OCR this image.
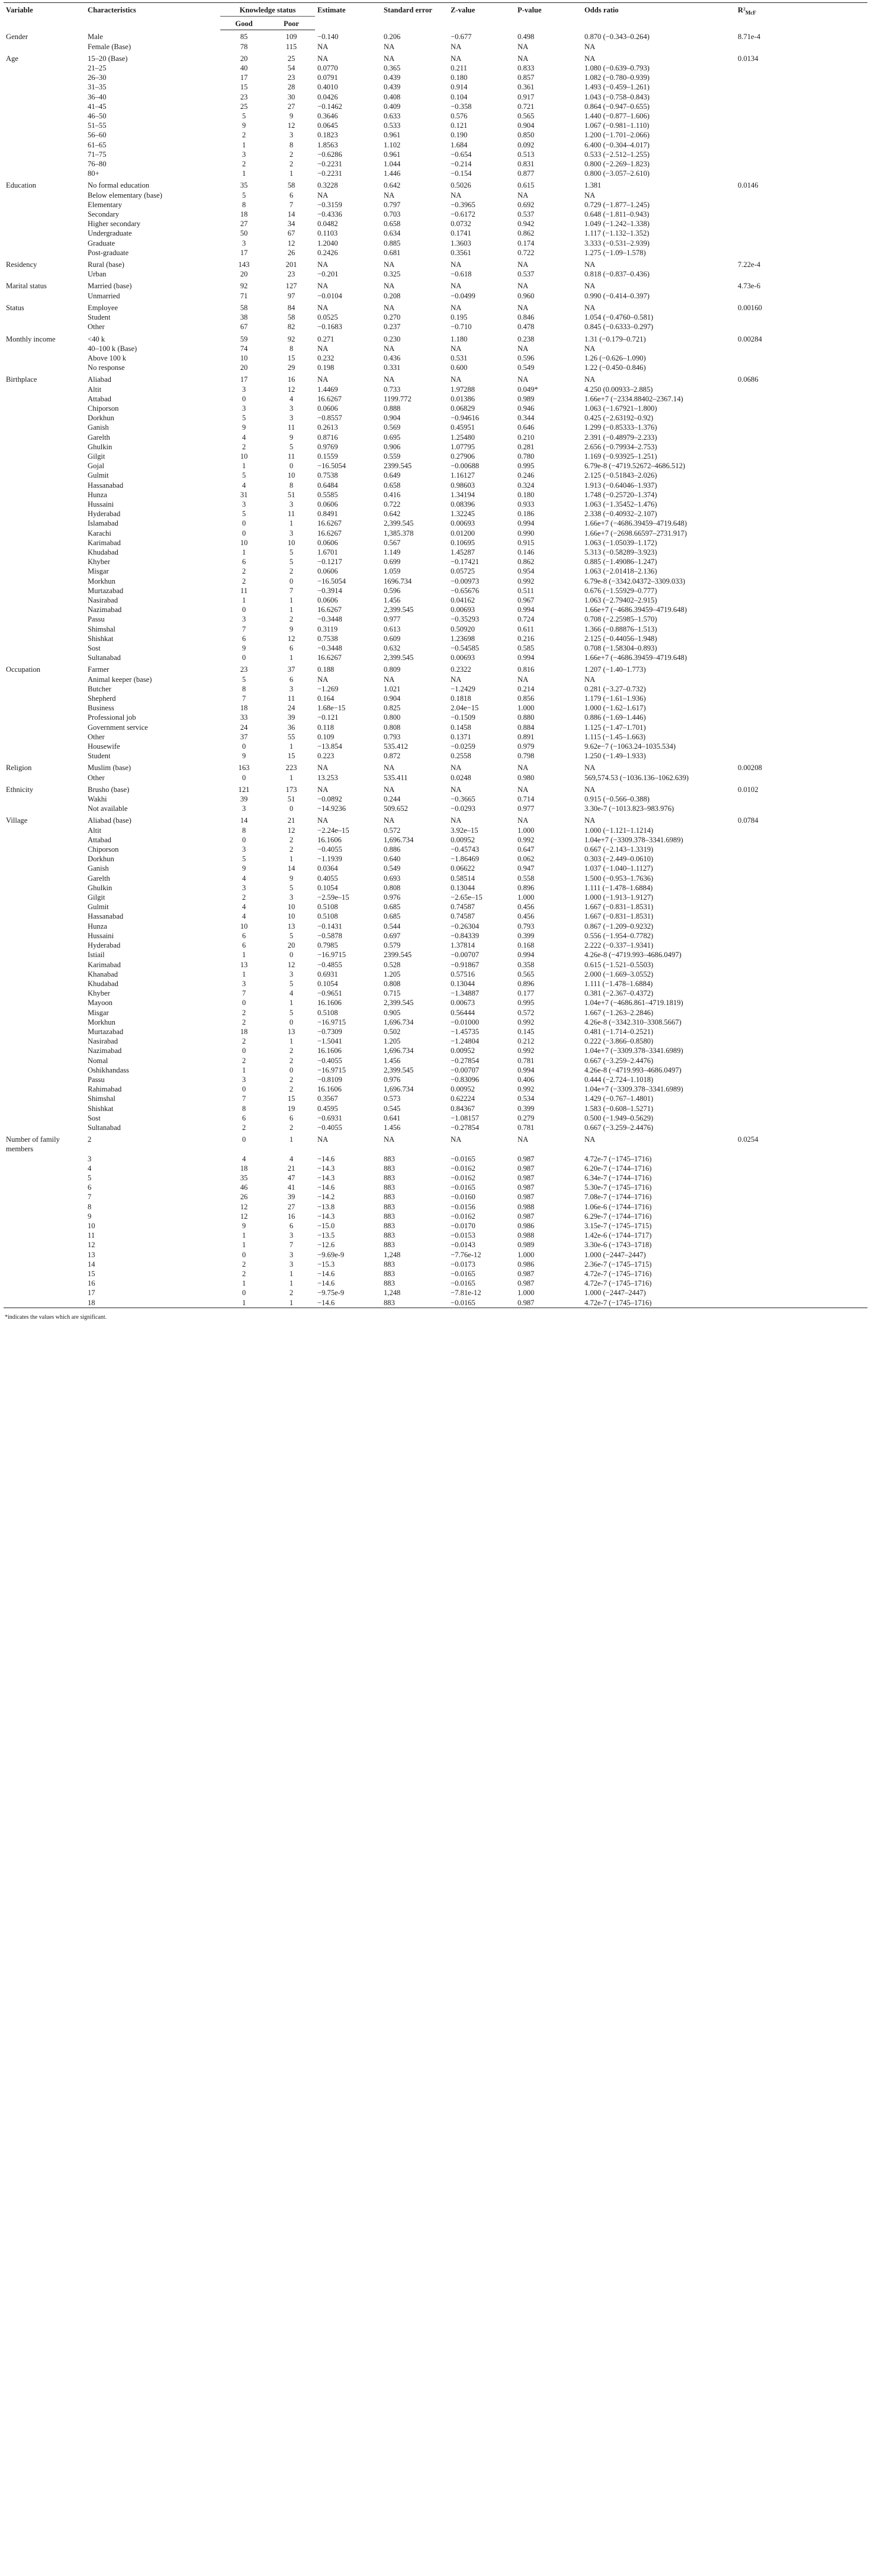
Variable	Characteristics	Knowledge status		Estimate	Standard error	Z-value	P-value	Odds ratio	$R^2_{McF}$
		Good	Poor						
Gender	Male	85	109	−0.140	0.206	−0.677	0.498	0.870 (−0.343–0.264)	8.71e-4
	Female (Base)	78	115	NA	NA	NA	NA	NA	
Age	15–20 (Base)	20	25	NA	NA	NA	NA	NA	0.0134
	21–25	40	54	0.0770	0.365	0.211	0.833	1.080 (−0.639–0.793)	
	26–30	17	23	0.0791	0.439	0.180	0.857	1.082 (−0.780–0.939)	
	31–35	15	28	0.4010	0.439	0.914	0.361	1.493 (−0.459–1.261)	
	36–40	23	30	0.0426	0.408	0.104	0.917	1.043 (−0.758–0.843)	
	41–45	25	27	−0.1462	0.409	−0.358	0.721	0.864 (−0.947–0.655)	
	46–50	5	9	0.3646	0.633	0.576	0.565	1.440 (−0.877–1.606)	
	51–55	9	12	0.0645	0.533	0.121	0.904	1.067 (−0.981–1.110)	
	56–60	2	3	0.1823	0.961	0.190	0.850	1.200 (−1.701–2.066)	
	61–65	1	8	1.8563	1.102	1.684	0.092	6.400 (−0.304–4.017)	
	71–75	3	2	−0.6286	0.961	−0.654	0.513	0.533 (−2.512–1.255)	
	76–80	2	2	−0.2231	1.044	−0.214	0.831	0.800 (−2.269–1.823)	
	80+	1	1	−0.2231	1.446	−0.154	0.877	0.800 (−3.057–2.610)	
Education	No formal education	35	58	0.3228	0.642	0.5026	0.615	1.381	0.0146
	Below elementary (base)	5	6	NA	NA	NA	NA	NA	
	Elementary	8	7	−0.3159	0.797	−0.3965	0.692	0.729 (−1.877–1.245)	
	Secondary	18	14	−0.4336	0.703	−0.6172	0.537	0.648 (−1.811–0.943)	
	Higher secondary	27	34	0.0482	0.658	0.0732	0.942	1.049 (−1.242–1.338)	
	Undergraduate	50	67	0.1103	0.634	0.1741	0.862	1.117 (−1.132–1.352)	
	Graduate	3	12	1.2040	0.885	1.3603	0.174	3.333 (−0.531–2.939)	
	Post-graduate	17	26	0.2426	0.681	0.3561	0.722	1.275 (−1.09–1.578)	
Residency	Rural (base)	143	201	NA	NA	NA	NA	NA	7.22e-4
	Urban	20	23	−0.201	0.325	−0.618	0.537	0.818 (−0.837–0.436)	
Marital status	Married (base)	92	127	NA	NA	NA	NA	NA	4.73e-6
	Unmarried	71	97	−0.0104	0.208	−0.0499	0.960	0.990 (−0.414–0.397)	
Status	Employee	58	84	NA	NA	NA	NA	NA	0.00160
	Student	38	58	0.0525	0.270	0.195	0.846	1.054 (−0.4760–0.581)	
	Other	67	82	−0.1683	0.237	−0.710	0.478	0.845 (−0.6333–0.297)	
Monthly income	<40 k	59	92	0.271	0.230	1.180	0.238	1.31 (−0.179–0.721)	0.00284
	40–100 k (Base)	74	8	NA	NA	NA	NA	NA	
	Above 100 k	10	15	0.232	0.436	0.531	0.596	1.26 (−0.626–1.090)	
	No response	20	29	0.198	0.331	0.600	0.549	1.22 (−0.450–0.846)	
Birthplace	Aliabad	17	16	NA	NA	NA	NA	NA	0.0686
	Altit	3	12	1.4469	0.733	1.97288	0.049*	4.250 (0.00933–2.885)	
	Attabad	0	4	16.6267	1199.772	0.01386	0.989	1.66e+7 (−2334.88402–2367.14)	
	Chiporson	3	3	0.0606	0.888	0.06829	0.946	1.063 (−1.67921–1.800)	
	Dorkhun	5	3	−0.8557	0.904	−0.94616	0.344	0.425 (−2.63192–0.92)	
	Ganish	9	11	0.2613	0.569	0.45951	0.646	1.299 (−0.85333–1.376)	
	Garelth	4	9	0.8716	0.695	1.25480	0.210	2.391 (−0.48979–2.233)	
	Ghulkin	2	5	0.9769	0.906	1.07795	0.281	2.656 (−0.79934–2.753)	
	Gilgit	10	11	0.1559	0.559	0.27906	0.780	1.169 (−0.93925–1.251)	
	Gojal	1	0	−16.5054	2399.545	−0.00688	0.995	6.79e-8 (−4719.52672–4686.512)	
	Gulmit	5	10	0.7538	0.649	1.16127	0.246	2.125 (−0.51843–2.026)	
	Hassanabad	4	8	0.6484	0.658	0.98603	0.324	1.913 (−0.64046–1.937)	
	Hunza	31	51	0.5585	0.416	1.34194	0.180	1.748 (−0.25720–1.374)	
	Hussaini	3	3	0.0606	0.722	0.08396	0.933	1.063 (−1.35452–1.476)	
	Hyderabad	5	11	0.8491	0.642	1.32245	0.186	2.338 (−0.40932–2.107)	
	Islamabad	0	1	16.6267	2,399.545	0.00693	0.994	1.66e+7 (−4686.39459–4719.648)	
	Karachi	0	3	16.6267	1,385.378	0.01200	0.990	1.66e+7 (−2698.66597–2731.917)	
	Karimabad	10	10	0.0606	0.567	0.10695	0.915	1.063 (−1.05039–1.172)	
	Khudabad	1	5	1.6701	1.149	1.45287	0.146	5.313 (−0.58289–3.923)	
	Khyber	6	5	−0.1217	0.699	−0.17421	0.862	0.885 (−1.49086–1.247)	
	Misgar	2	2	0.0606	1.059	0.05725	0.954	1.063 (−2.01418–2.136)	
	Morkhun	2	0	−16.5054	1696.734	−0.00973	0.992	6.79e-8 (−3342.04372–3309.033)	
	Murtazabad	11	7	−0.3914	0.596	−0.65676	0.511	0.676 (−1.55929–0.777)	
	Nasirabad	1	1	0.0606	1.456	0.04162	0.967	1.063 (−2.79402–2.915)	
	Nazimabad	0	1	16.6267	2,399.545	0.00693	0.994	1.66e+7 (−4686.39459–4719.648)	
	Passu	3	2	−0.3448	0.977	−0.35293	0.724	0.708 (−2.25985–1.570)	
	Shimshal	7	9	0.3119	0.613	0.50920	0.611	1.366 (−0.88876–1.513)	
	Shishkat	6	12	0.7538	0.609	1.23698	0.216	2.125 (−0.44056–1.948)	
	Sost	9	6	−0.3448	0.632	−0.54585	0.585	0.708 (−1.58304–0.893)	
	Sultanabad	0	1	16.6267	2,399.545	0.00693	0.994	1.66e+7 (−4686.39459–4719.648)	
Occupation	Farmer	23	37	0.188	0.809	0.2322	0.816	1.207 (−1.40–1.773)	
	Animal keeper (base)	5	6	NA	NA	NA	NA	NA	
	Butcher	8	3	−1.269	1.021	−1.2429	0.214	0.281 (−3.27–0.732)	
	Shepherd	7	11	0.164	0.904	0.1818	0.856	1.179 (−1.61–1.936)	
	Business	18	24	1.68e−15	0.825	2.04e−15	1.000	1.000 (−1.62–1.617)	
	Professional job	33	39	−0.121	0.800	−0.1509	0.880	0.886 (−1.69–1.446)	
	Government service	24	36	0.118	0.808	0.1458	0.884	1.125 (−1.47–1.701)	
	Other	37	55	0.109	0.793	0.1371	0.891	1.115 (−1.45–1.663)	
	Housewife	0	1	−13.854	535.412	−0.0259	0.979	9.62e−7 (−1063.24–1035.534)	
	Student	9	15	0.223	0.872	0.2558	0.798	1.250 (−1.49–1.933)	
Religion	Muslim (base)	163	223	NA	NA	NA	NA	NA	0.00208
	Other	0	1	13.253	535.411	0.0248	0.980	569,574.53 (−1036.136–1062.639)	
Ethnicity	Brusho (base)	121	173	NA	NA	NA	NA	NA	0.0102
	Wakhi	39	51	−0.0892	0.244	−0.3665	0.714	0.915 (−0.566–0.388)	
	Not available	3	0	−14.9236	509.652	−0.0293	0.977	3.30e-7 (−1013.823–983.976)	
Village	Aliabad (base)	14	21	NA	NA	NA	NA	NA	0.0784
	Altit	8	12	−2.24e–15	0.572	3.92e–15	1.000	1.000 (−1.121–1.1214)	
	Attabad	0	2	16.1606	1,696.734	0.00952	0.992	1.04e+7 (−3309.378–3341.6989)	
	Chiporson	3	2	−0.4055	0.886	−0.45743	0.647	0.667 (−2.143–1.3319)	
	Dorkhun	5	1	−1.1939	0.640	−1.86469	0.062	0.303 (−2.449–0.0610)	
	Ganish	9	14	0.0364	0.549	0.06622	0.947	1.037 (−1.040–1.1127)	
	Garelth	4	9	0.4055	0.693	0.58514	0.558	1.500 (−0.953–1.7636)	
	Ghulkin	3	5	0.1054	0.808	0.13044	0.896	1.111 (−1.478–1.6884)	
	Gilgit	2	3	−2.59e–15	0.976	−2.65e–15	1.000	1.000 (−1.913–1.9127)	
	Gulmit	4	10	0.5108	0.685	0.74587	0.456	1.667 (−0.831–1.8531)	
	Hassanabad	4	10	0.5108	0.685	0.74587	0.456	1.667 (−0.831–1.8531)	
	Hunza	10	13	−0.1431	0.544	−0.26304	0.793	0.867 (−1.209–0.9232)	
	Hussaini	6	5	−0.5878	0.697	−0.84339	0.399	0.556 (−1.954–0.7782)	
	Hyderabad	6	20	0.7985	0.579	1.37814	0.168	2.222 (−0.337–1.9341)	
	Istiail	1	0	−16.9715	2399.545	−0.00707	0.994	4.26e-8 (−4719.993–4686.0497)	
	Karimabad	13	12	−0.4855	0.528	−0.91867	0.358	0.615 (−1.521–0.5503)	
	Khanabad	1	3	0.6931	1.205	0.57516	0.565	2.000 (−1.669–3.0552)	
	Khudabad	3	5	0.1054	0.808	0.13044	0.896	1.111 (−1.478–1.6884)	
	Khyber	7	4	−0.9651	0.715	−1.34887	0.177	0.381 (−2.367–0.4372)	
	Mayoon	0	1	16.1606	2,399.545	0.00673	0.995	1.04e+7 (−4686.861–4719.1819)	
	Misgar	2	5	0.5108	0.905	0.56444	0.572	1.667 (−1.263–2.2846)	
	Morkhun	2	0	−16.9715	1,696.734	−0.01000	0.992	4.26e-8 (−3342.310–3308.5667)	
	Murtazabad	18	13	−0.7309	0.502	−1.45735	0.145	0.481 (−1.714–0.2521)	
	Nasirabad	2	1	−1.5041	1.205	−1.24804	0.212	0.222 (−3.866–0.8580)	
	Nazimabad	0	2	16.1606	1,696.734	0.00952	0.992	1.04e+7 (−3309.378–3341.6989)	
	Nomal	2	2	−0.4055	1.456	−0.27854	0.781	0.667 (−3.259–2.4476)	
	Oshikhandass	1	0	−16.9715	2,399.545	−0.00707	0.994	4.26e-8 (−4719.993–4686.0497)	
	Passu	3	2	−0.8109	0.976	−0.83096	0.406	0.444 (−2.724–1.1018)	
	Rahimabad	0	2	16.1606	1,696.734	0.00952	0.992	1.04e+7 (−3309.378–3341.6989)	
	Shimshal	7	15	0.3567	0.573	0.62224	0.534	1.429 (−0.767–1.4801)	
	Shishkat	8	19	0.4595	0.545	0.84367	0.399	1.583 (−0.608–1.5271)	
	Sost	6	6	−0.6931	0.641	−1.08157	0.279	0.500 (−1.949–0.5629)	
	Sultanabad	2	2	−0.4055	1.456	−0.27854	0.781	0.667 (−3.259–2.4476)	
Number of family members	2	0	1	NA	NA	NA	NA	NA	0.0254
	3	4	4	−14.6	883	−0.0165	0.987	4.72e-7 (−1745–1716)	
	4	18	21	−14.3	883	−0.0162	0.987	6.20e-7 (−1744–1716)	
	5	35	47	−14.3	883	−0.0162	0.987	6.34e-7 (−1744–1716)	
	6	46	41	−14.6	883	−0.0165	0.987	5.30e-7 (−1745–1716)	
	7	26	39	−14.2	883	−0.0160	0.987	7.08e-7 (−1744–1716)	
	8	12	27	−13.8	883	−0.0156	0.988	1.06e-6 (−1744–1716)	
	9	12	16	−14.3	883	−0.0162	0.987	6.29e-7 (−1744–1716)	
	10	9	6	−15.0	883	−0.0170	0.986	3.15e-7 (−1745–1715)	
	11	1	3	−13.5	883	−0.0153	0.988	1.42e-6 (−1744–1717)	
	12	1	7	−12.6	883	−0.0143	0.989	3.30e-6 (−1743–1718)	
	13	0	3	−9.69e-9	1,248	−7.76e-12	1.000	1.000 (−2447–2447)	
	14	2	3	−15.3	883	−0.0173	0.986	2.36e-7 (−1745–1715)	
	15	2	1	−14.6	883	−0.0165	0.987	4.72e-7 (−1745–1716)	
	16	1	1	−14.6	883	−0.0165	0.987	4.72e-7 (−1745–1716)	
	17	0	2	−9.75e-9	1,248	−7.81e-12	1.000	1.000 (−2447–2447)	
	18	1	1	−14.6	883	−0.0165	0.987	4.72e-7 (−1745–1716)	

*indicates the values which are significant.
